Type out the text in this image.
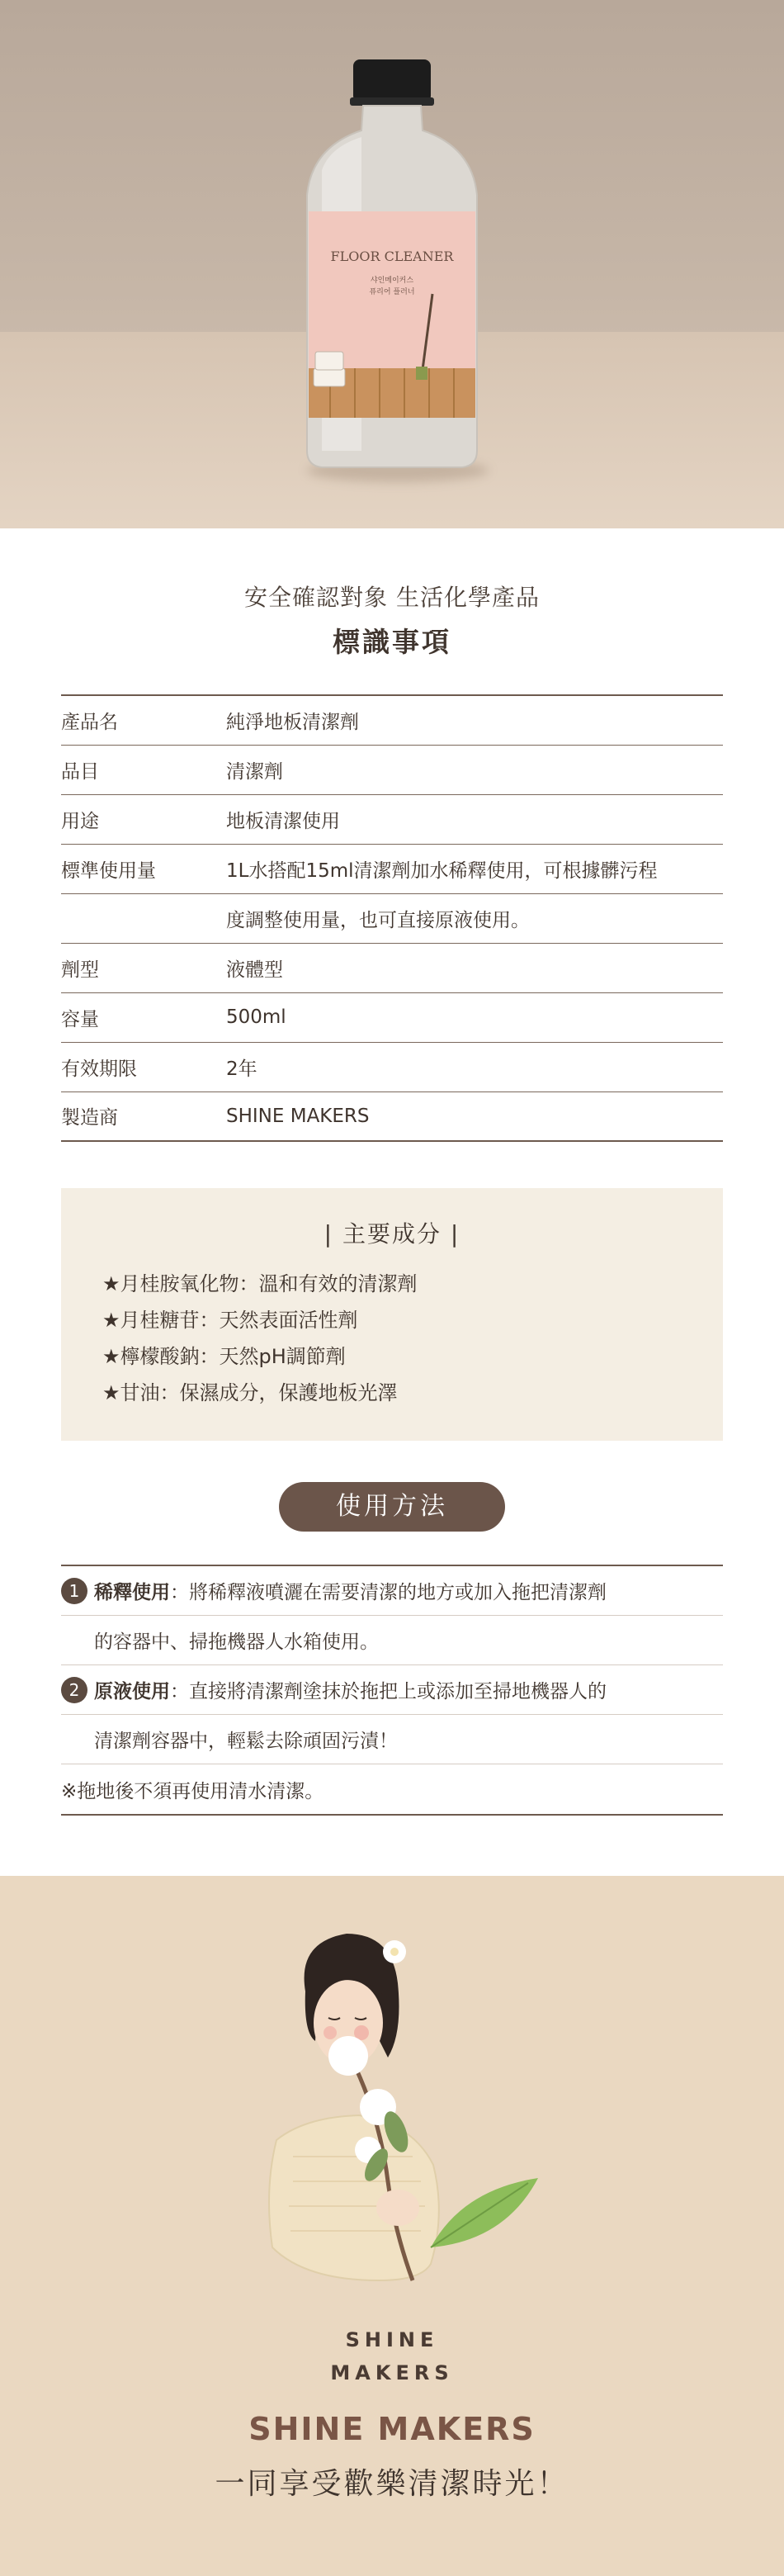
FLOOR CLEANER
샤인메이커스
퓨리어 플러너
安全確認對象 生活化學產品
標識事項
產品名	純淨地板清潔劑
品目	清潔劑
用途	地板清潔使用
標準使用量	1L水搭配15ml清潔劑加水稀釋使用，可根據髒污程
	度調整使用量，也可直接原液使用。
劑型	液體型
容量	500ml
有效期限	2年
製造商	SHINE MAKERS
| 主要成分 |
★月桂胺氧化物：溫和有效的清潔劑
★月桂糖苷：天然表面活性劑
★檸檬酸鈉：天然pH調節劑
★甘油：保濕成分，保護地板光澤
使用方法
1 稀釋使用 ：將稀釋液噴灑在需要清潔的地方或加入拖把清潔劑
的容器中、掃拖機器人水箱使用。
2 原液使用 ：直接將清潔劑塗抹於拖把上或添加至掃地機器人的
清潔劑容器中，輕鬆去除頑固污漬！
※拖地後不須再使用清水清潔。
SHINE
MAKERS
SHINE MAKERS
一同享受歡樂清潔時光！
